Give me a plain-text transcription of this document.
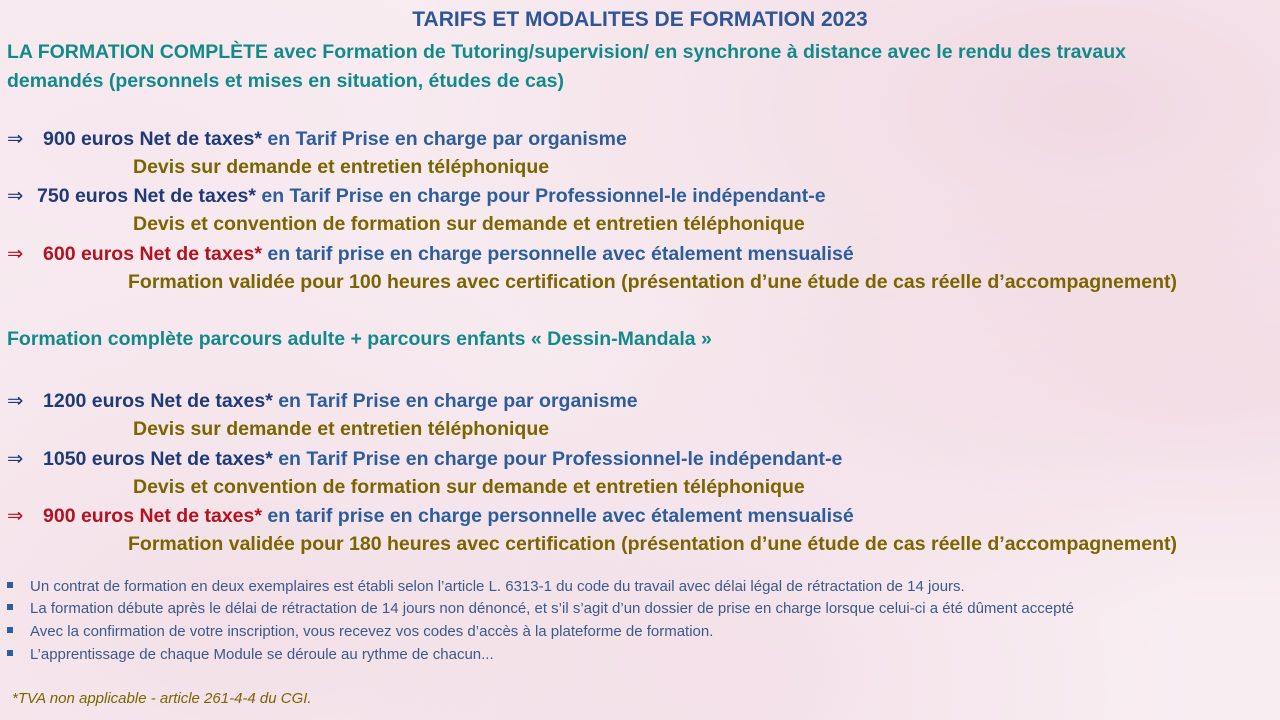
TARIFS ET MODALITES DE FORMATION 2023
LA FORMATION COMPLÈTE avec Formation de Tutoring/supervision/ en synchrone à distance avec le rendu des travaux
demandés (personnels et mises en situation, études de cas)
⇒ 900 euros Net de taxes* en Tarif Prise en charge par organisme
Devis sur demande et entretien téléphonique
⇒ 750 euros Net de taxes* en Tarif Prise en charge pour Professionnel-le indépendant-e
Devis et convention de formation sur demande et entretien téléphonique
⇒ 600 euros Net de taxes* en tarif prise en charge personnelle avec étalement mensualisé
Formation validée pour 100 heures avec certification (présentation d’une étude de cas réelle d’accompagnement)
Formation complète parcours adulte + parcours enfants « Dessin-Mandala »
⇒ 1200 euros Net de taxes* en Tarif Prise en charge par organisme
Devis sur demande et entretien téléphonique
⇒ 1050 euros Net de taxes* en Tarif Prise en charge pour Professionnel-le indépendant-e
Devis et convention de formation sur demande et entretien téléphonique
⇒ 900 euros Net de taxes* en tarif prise en charge personnelle avec étalement mensualisé
Formation validée pour 180 heures avec certification (présentation d’une étude de cas réelle d’accompagnement)
Un contrat de formation en deux exemplaires est établi selon l’article L. 6313-1 du code du travail avec délai légal de rétractation de 14 jours.
La formation débute après le délai de rétractation de 14 jours non dénoncé, et s’il s’agit d’un dossier de prise en charge lorsque celui-ci a été dûment accepté
Avec la confirmation de votre inscription, vous recevez vos codes d’accès à la plateforme de formation.
L’apprentissage de chaque Module se déroule au rythme de chacun...
*TVA non applicable - article 261-4-4 du CGI.
